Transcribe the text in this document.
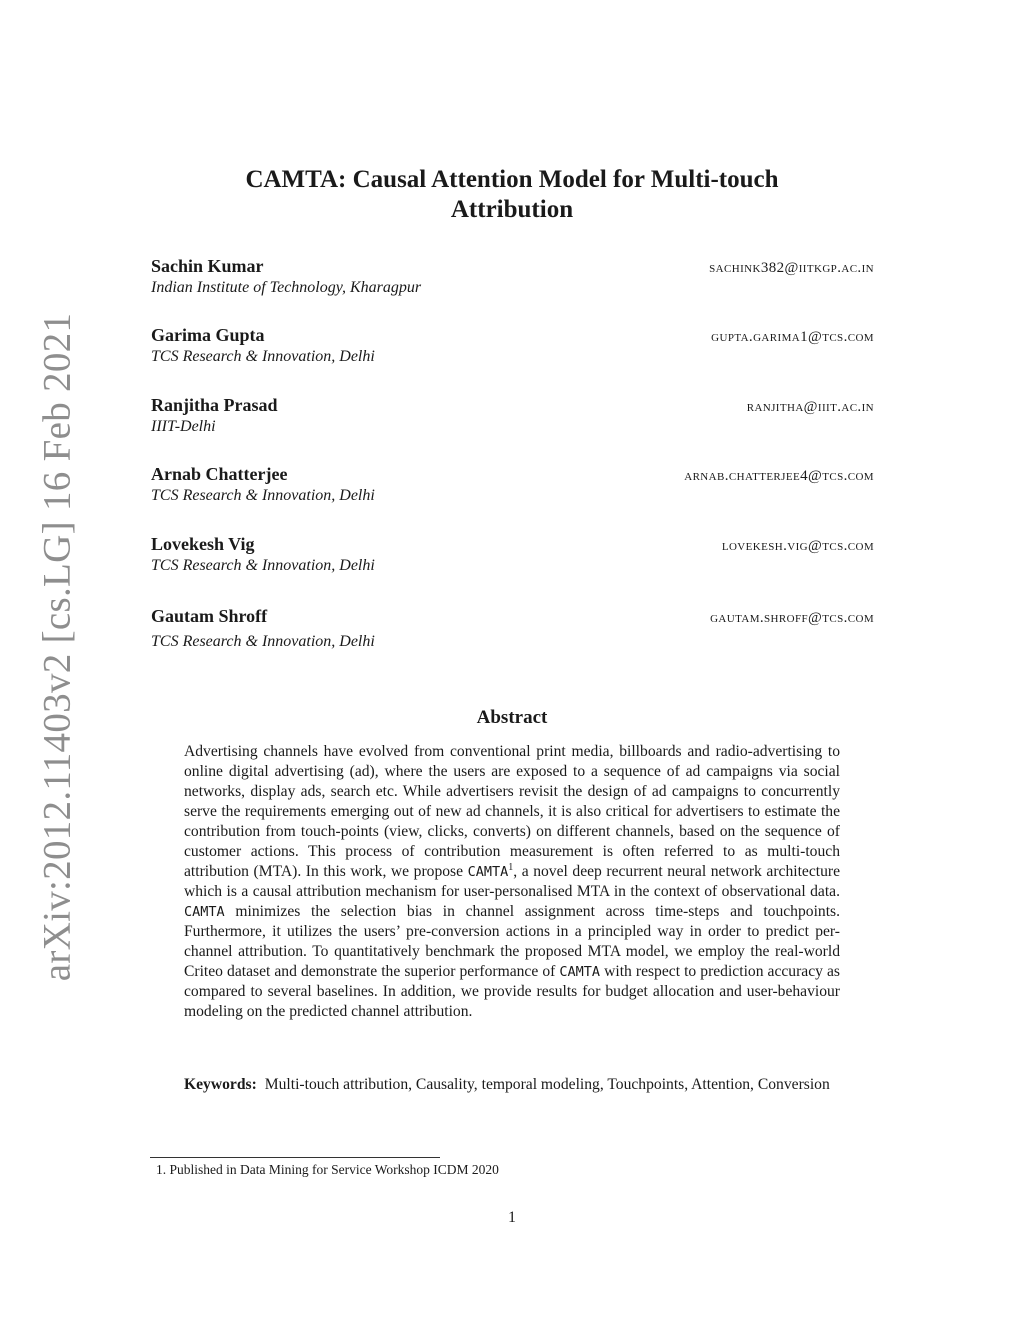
arXiv:2012.11403v2 [cs.LG] 16 Feb 2021
CAMTA: Causal Attention Model for Multi-touch
Attribution
Sachin Kumar	sachink382@iitkgp.ac.in
Indian Institute of Technology, Kharagpur
Garima Gupta	gupta.garima1@tcs.com
TCS Research & Innovation, Delhi
Ranjitha Prasad	ranjitha@iiit.ac.in
IIIT-Delhi
Arnab Chatterjee	arnab.chatterjee4@tcs.com
TCS Research & Innovation, Delhi
Lovekesh Vig	lovekesh.vig@tcs.com
TCS Research & Innovation, Delhi
Gautam Shroff	gautam.shroff@tcs.com
TCS Research & Innovation, Delhi
Abstract
Advertising channels have evolved from conventional print media, billboards and radio-advertising to online digital advertising (ad), where the users are exposed to a sequence of ad campaigns via social networks, display ads, search etc. While advertisers revisit the design of ad campaigns to concurrently serve the requirements emerging out of new ad channels, it is also critical for advertisers to estimate the contribution from touch-points (view, clicks, converts) on different channels, based on the sequence of customer actions. This process of contribution measurement is often referred to as multi-touch attribution (MTA). In this work, we propose CAMTA$^1$, a novel deep recurrent neural network architecture which is a causal attribution mechanism for user-personalised MTA in the context of observational data. CAMTA minimizes the selection bias in channel assignment across time-steps and touchpoints. Furthermore, it utilizes the users’ pre-conversion actions in a principled way in order to predict per-channel attribution. To quantitatively benchmark the proposed MTA model, we employ the real-world Criteo dataset and demonstrate the superior performance of CAMTA with respect to prediction accuracy as compared to several baselines. In addition, we provide results for budget allocation and user-behaviour modeling on the predicted channel attribution.
Keywords: Multi-touch attribution, Causality, temporal modeling, Touchpoints, Attention, Conversion
1. Published in Data Mining for Service Workshop ICDM 2020
1
